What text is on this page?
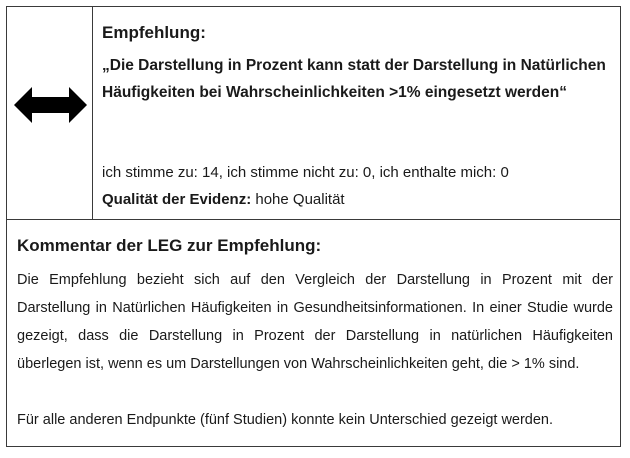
Empfehlung:

„Die Darstellung in Prozent kann statt der Darstellung in Natürlichen Häufigkeiten bei Wahrscheinlichkeiten >1% eingesetzt werden“

ich stimme zu: 14, ich stimme nicht zu: 0, ich enthalte mich: 0

Qualität der Evidenz: hohe Qualität

Kommentar der LEG zur Empfehlung:

Die Empfehlung bezieht sich auf den Vergleich der Darstellung in Prozent mit der Darstellung in Natürlichen Häufigkeiten in Gesundheitsinformationen. In einer Studie wurde gezeigt, dass die Darstellung in Prozent der Darstellung in natürlichen Häufigkeiten überlegen ist, wenn es um Darstellungen von Wahrscheinlichkeiten geht, die > 1% sind.

Für alle anderen Endpunkte (fünf Studien) konnte kein Unterschied gezeigt werden.
